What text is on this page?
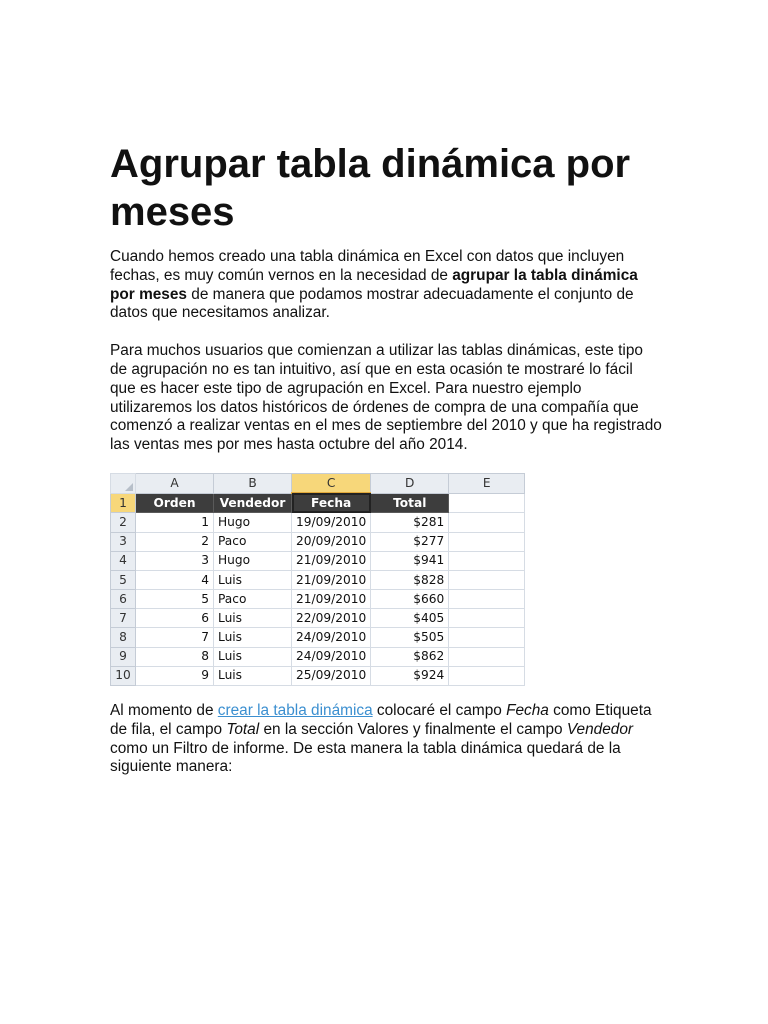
Agrupar tabla dinámica por meses

Cuando hemos creado una tabla dinámica en Excel con datos que incluyen fechas, es muy común vernos en la necesidad de agrupar la tabla dinámica por meses de manera que podamos mostrar adecuadamente el conjunto de datos que necesitamos analizar.

Para muchos usuarios que comienzan a utilizar las tablas dinámicas, este tipo de agrupación no es tan intuitivo, así que en esta ocasión te mostraré lo fácil que es hacer este tipo de agrupación en Excel. Para nuestro ejemplo utilizaremos los datos históricos de órdenes de compra de una compañía que comenzó a realizar ventas en el mes de septiembre del 2010 y que ha registrado las ventas mes por mes hasta octubre del año 2014.

	A	B	C	D	E
1	Orden	Vendedor	Fecha	Total	
2	1	Hugo	19/09/2010	$281	
3	2	Paco	20/09/2010	$277	
4	3	Hugo	21/09/2010	$941	
5	4	Luis	21/09/2010	$828	
6	5	Paco	21/09/2010	$660	
7	6	Luis	22/09/2010	$405	
8	7	Luis	24/09/2010	$505	
9	8	Luis	24/09/2010	$862	
10	9	Luis	25/09/2010	$924	

Al momento de crear la tabla dinámica colocaré el campo Fecha como Etiqueta de fila, el campo Total en la sección Valores y finalmente el campo Vendedor como un Filtro de informe. De esta manera la tabla dinámica quedará de la siguiente manera:
